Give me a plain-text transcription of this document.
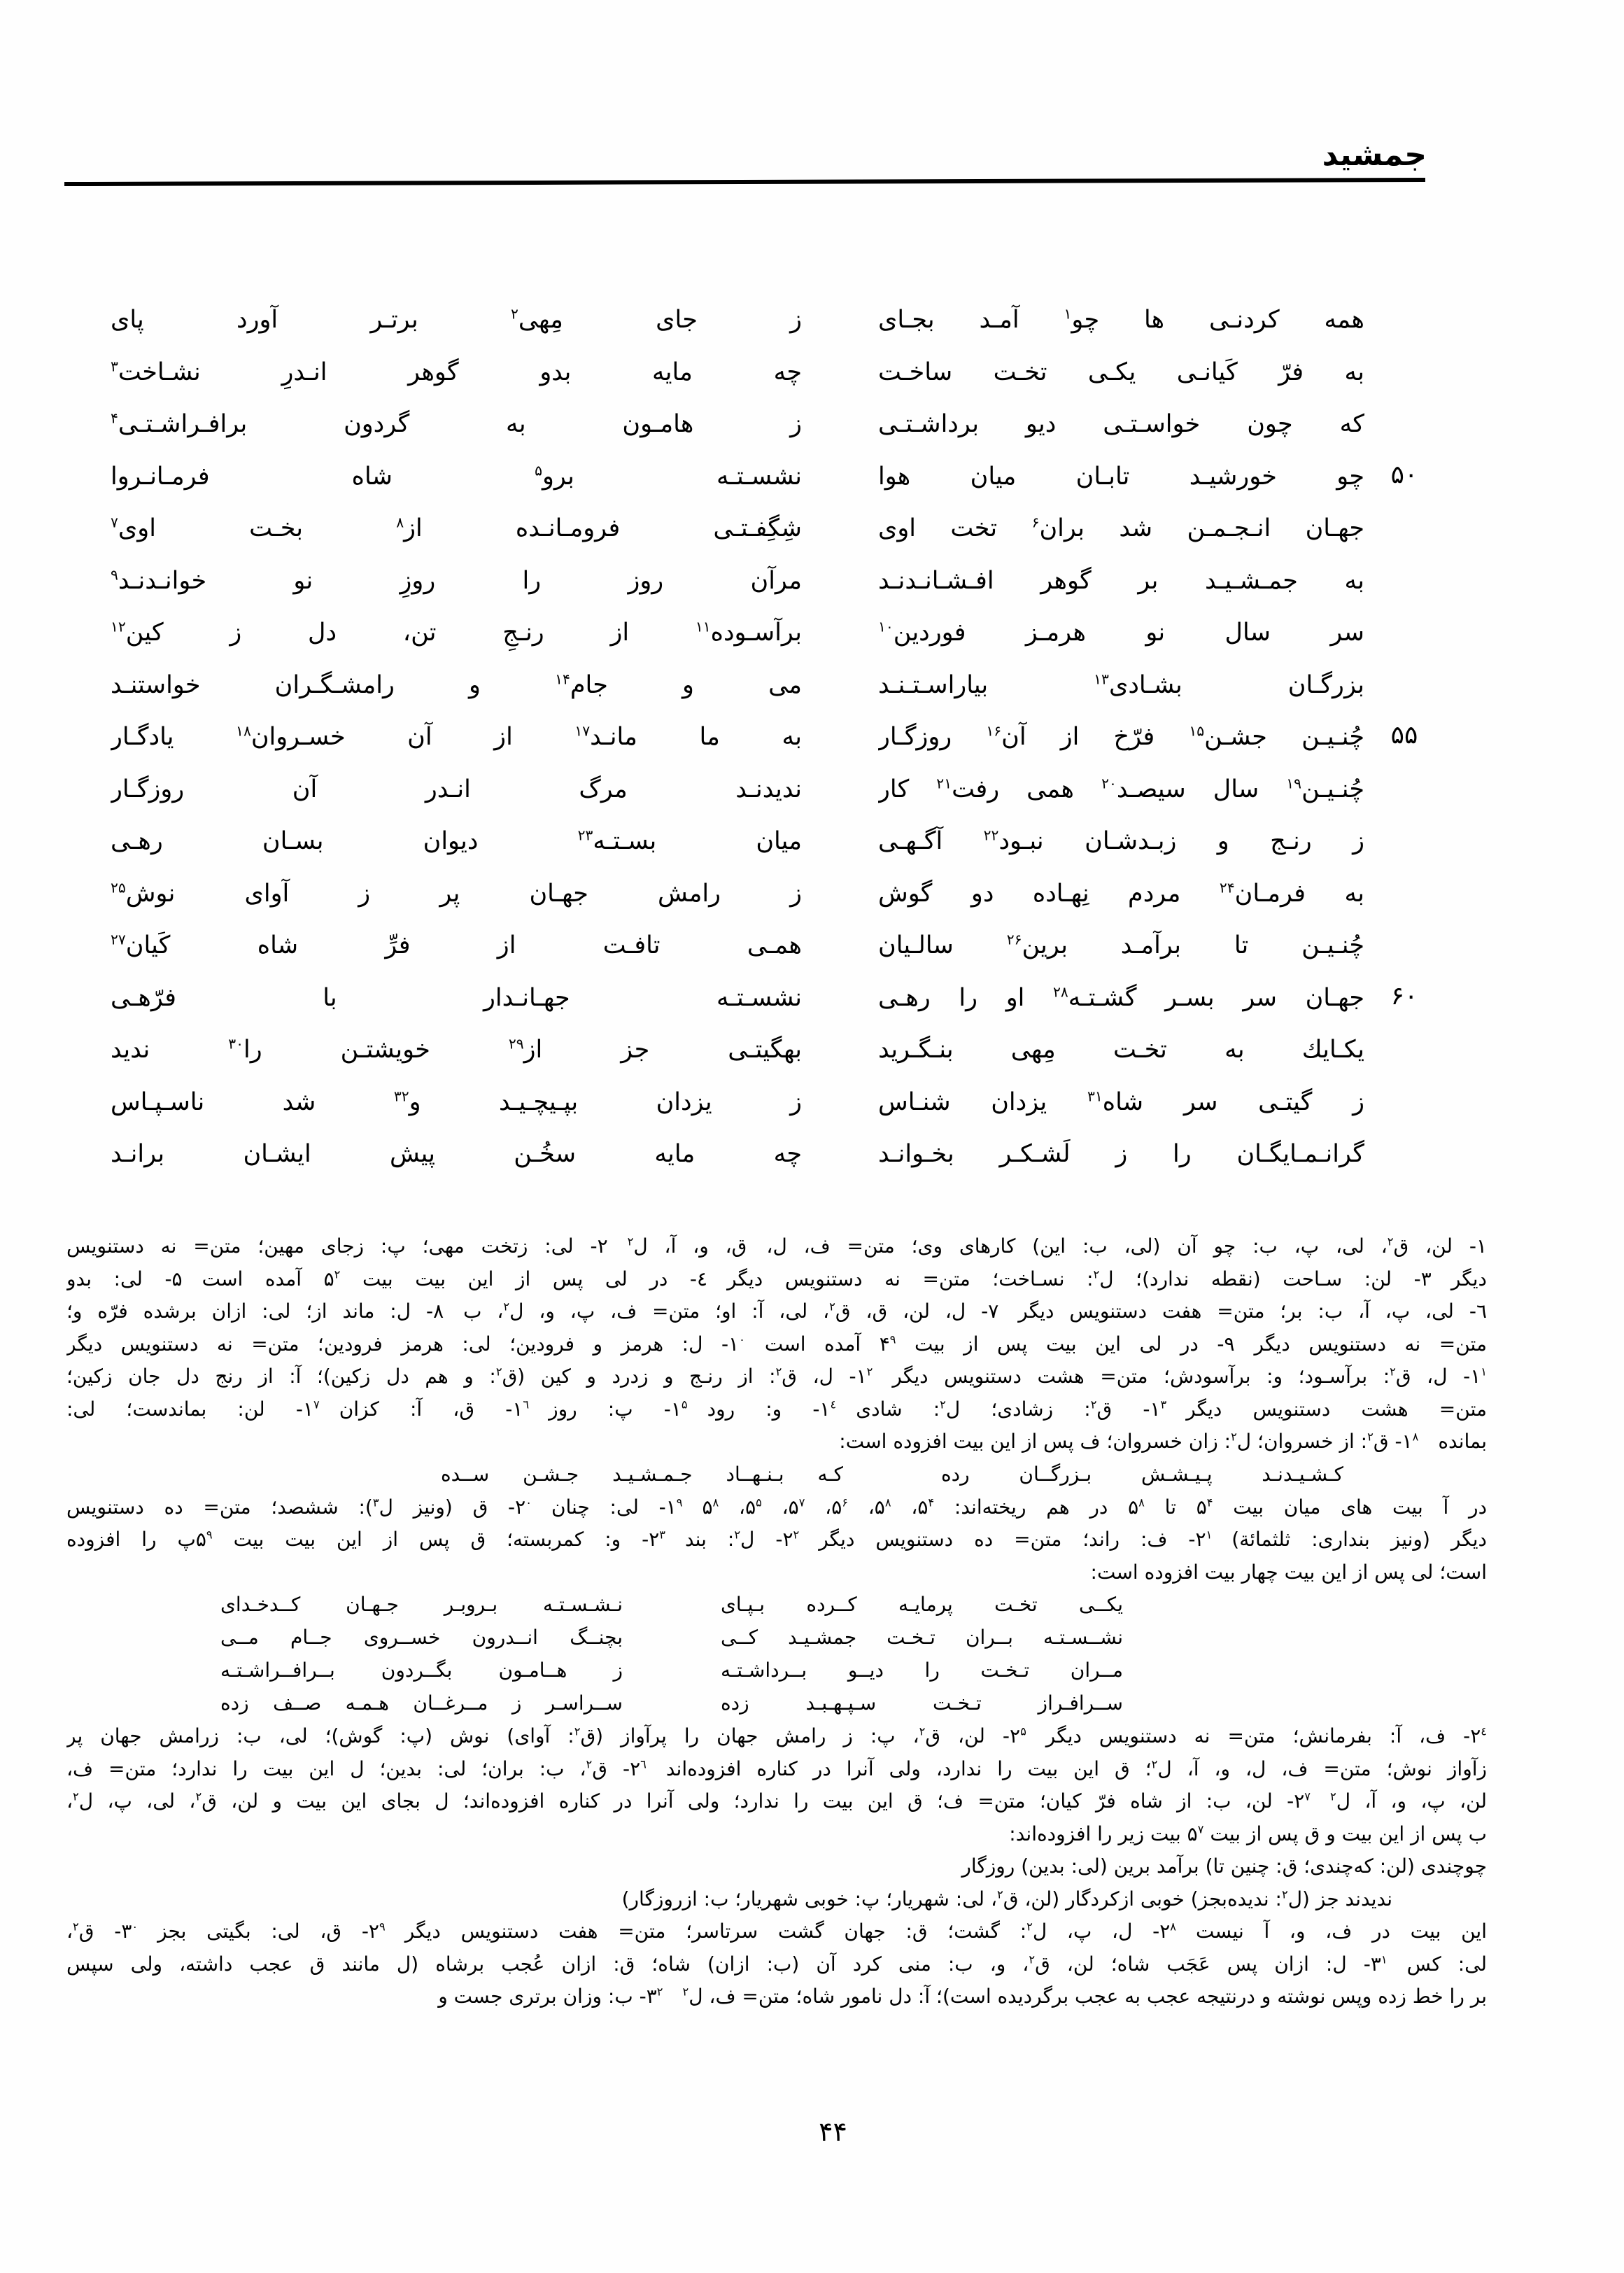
جمشید
همه کردنـی ها چو$^۱$ آمـد بجـای
ز جای مِهی$^۲$ برتـر آورد پای
به فرّ کَیانـی یکـی تخـت ساخـت
چه مایه بدو گوهر انـدرِ نشـاخت$^۳$
که چون خواسـتـی دیو برداشـتـی
ز هامـون به گردون برافـراشـتـی$^۴$
۵۰
چو خورشیـد تابـان میان هوا
نشسـتـه برو$^۵$ شاه فرمـانـروا
جهـان انـجـمـن شد بران$^۶$ تخت اوی
شِگِفـتـی فرومـانـده از$^۸$ بخـت اوی$^۷$
به جمـشـیـد بر گوهر افـشـانـدنـد
مرآن روز را روزِ نو خوانـدنـد$^۹$
سر سال نو هرمـز فوردین$^{۱۰}$
برآسـوده$^{۱۱}$ از رنـجِ تن، دل ز کین$^{۱۲}$
بزرگـان بشـادی$^{۱۳}$ بیاراسـتـنـد
می و جام$^{۱۴}$ و رامشـگـران خواستنـد
۵۵
چُنـیـن جشـن$^{۱۵}$ فرّخ از آن$^{۱۶}$ روزگـار
به ما مانـد$^{۱۷}$ از آن خسـروان$^{۱۸}$ یادگـار
چُنـیـن$^{۱۹}$ سال سیصـد$^{۲۰}$ همی رفت$^{۲۱}$ کار
ندیدنـد مرگ انـدر آن روزگـار
ز رنـج و زبـدشـان نبـود$^{۲۲}$ آگـهـی
میان بسـتـه$^{۲۳}$ دیوان بسـان رهـی
به فرمـان$^{۲۴}$ مردم نِهـاده دو گوش
ز رامش جهـان پر ز آوای نوش$^{۲۵}$
چُنـیـن تا برآمـد برین$^{۲۶}$ سالـیان
همـی تافـت از فرِّ شاه کَیان$^{۲۷}$
۶۰
جهـان سر بسـر گشـتـه$^{۲۸}$ او را رهـی
نشسـتـه جهـانـدار با فرّهـی
یکـایك به تخـت مِهی بنـگـرید
بهگیتـی جز از$^{۲۹}$ خویشتـن را$^{۳۰}$ ندید
ز گیتـی سر شاه$^{۳۱}$ یزدان شنـاس
ز یزدان بپـیچـیـد و$^{۳۲}$ شد ناسـپـاس
گرانـمـایگـان را ز لَشـکـر بخـوانـد
چه مایه سخُـن پیش ایشـان برانـد
۱- لن، ق$^۲$، لی، پ، ب: چو آن (لی، ب: این) کارهای وی؛ متن= ف، ل، ق، و، آ، ل$^۲$ ۲- لی: زتخت مهی؛ پ: زجای مهین؛ متن= نه دستنویس
دیگر ۳- لن: سـاحت (نقطه ندارد)؛ ل$^۲$: نسـاخت؛ متن= نه دستنویس دیگر ٤- در لی پس از این بیت بیت $۵^۲$ آمده است ۵- لی: بدو
٦- لی، پ، آ، ب: بر؛ متن= هفت دستنویس دیگر ۷- ل، لن، ق، ق$^۲$، لی، آ: او؛ متن= ف، پ، و، ل$^۲$، ب ۸- ل: ماند از؛ لی: ازان برشده فرّه و؛
متن= نه دستنویس دیگر ۹- در لی این بیت پس از بیت $۴^۹$ آمده است $۱^۰-$ ل: هرمز و فرودین؛ لی: هرمز فرودین؛ متن= نه دستنویس دیگر
$۱^۱-$ ل، ق$^۲$: برآسـود؛ و: برآسودش؛ متن= هشت دستنویس دیگر $۱^۲-$ ل، ق$^۲$: از رنـج و زدرد و کین (ق$^۲$: و هم دل زکین)؛ آ: از رنج دل جان زکین؛
متن= هشت دستنویس دیگر $۱^۳-$ ق$^۲$: زشادی؛ ل$^۲$: شادی $۱^٤-$ و: رود $۱^۵-$ پ: روز $۱^٦-$ ق، آ: کزان $۱^۷-$ لن: بماندست؛ لی:
بمانده $۱^۸-$ ق$^۲$: از خسروان؛ ل$^۲$: زان خسروان؛ ف پس از این بیت افزوده است:
کـشـیـدنـد پـیـشـش بـزرگــان رده
کـه بـنـهــاد جـمـشـیـد جـشـن ســده
در آ بیت های میان بیت $۵^۴$ تا $۵^۸$ در هم ریخته‌اند: $۵^۴،$ $۵^۸،$ $۵^۶،$ $۵^۷،$ $۵^۵،$ $۵^۸$ $۱^۹-$ لی: چنان $۲^۰-$ ق (ونیز ل$^۳$): ششصد؛ متن= ده دستنویس
دیگر (ونیز بنداری: ثلثمائة) $۲^۱-$ ف: راند؛ متن= ده دستنویس دیگر $۲^۲-$ ل$^۲$: بند $۲^۳-$ و: کمربسته؛ ق پس از این بیت بیت $۵^۹پ$ را افزوده
است؛ لی پس از این بیت چهار بیت افزوده است:
یکــی تخـت پرمایـه کــرده بـپـای
نـشـسـتـه بـروبـر جـهـان کــدخـدای
نشــسـتـه بــران تـخـت جمشـیـد کــی
بچنــگ انــدرون خســروی جــام مــی
مــران تـخـت را دیــو بــرداشـتـه
ز هــامـون بگــردون بــرافــراشـتـه
ســرافـراز تـخـت سـپـهـبـد زده
ســراسـر ز مــرغــان هـمـه صــف زده
$۲^٤-$ ف، آ: بفرمانش؛ متن= نه دستنویس دیگر $۲^۵-$ لن، ق$^۲$، پ: ز رامش جهان را پرآواز (ق$^۲$: آوای) نوش (پ: گوش)؛ لی، ب: زرامش جهان پر
زآواز نوش؛ متن= ف، ل، و، آ، ل$^۲$؛ ق این بیت را ندارد، ولی آنرا در کناره افزوده‌اند $۲^٦-$ ق$^۲$، ب: بران؛ لی: بدین؛ ل این بیت را ندارد؛ متن= ف،
لن، پ، و، آ، ل$^۲$ $۲^۷-$ لن، ب: از شاه فرّ کیان؛ متن= ف؛ ق این بیت را ندارد؛ ولی آنرا در کناره افزوده‌اند؛ ل بجای این بیت و لن، ق$^۲$، لی، پ، ل$^۲$،
ب پس از این بیت و ق پس از بیت $۵^۷$ بیت زیر را افزوده‌اند:
چوچندی (لن: که‌چندی؛ ق: چنین تا) برآمد برین (لی: بدین) روزگار
ندیدند جز (ل$^۲$: ندیده‌بجز) خوبی ازکردگار (لن، ق$^۲$، لی: شهریار؛ پ: خوبی شهریار؛ ب: ازروزگار)
این بیت در ف، و، آ نیست $۲^۸-$ ل، پ، ل$^۲$: گشت؛ ق: جهان گشت سرتاسر؛ متن= هفت دستنویس دیگر $۲^۹-$ ق، لی: بگیتی بجز $۳^۰-$ ق$^۲$،
لی: کس $۳^۱-$ ل: ازان پس عَجَب شاه؛ لن، ق$^۲$، و، ب: منی کرد آن (ب: ازان) شاه؛ ق: ازان عُجب برشاه (ل مانند ق عجب داشته، ولی سپس
بر را خط زده وپس نوشته و درنتیجه عجب به عجب برگردیده است)؛ آ: دل نامور شاه؛ متن= ف، ل$^۲$ $۳^۲-$ ب: وزان برتری جست و
۴۴
